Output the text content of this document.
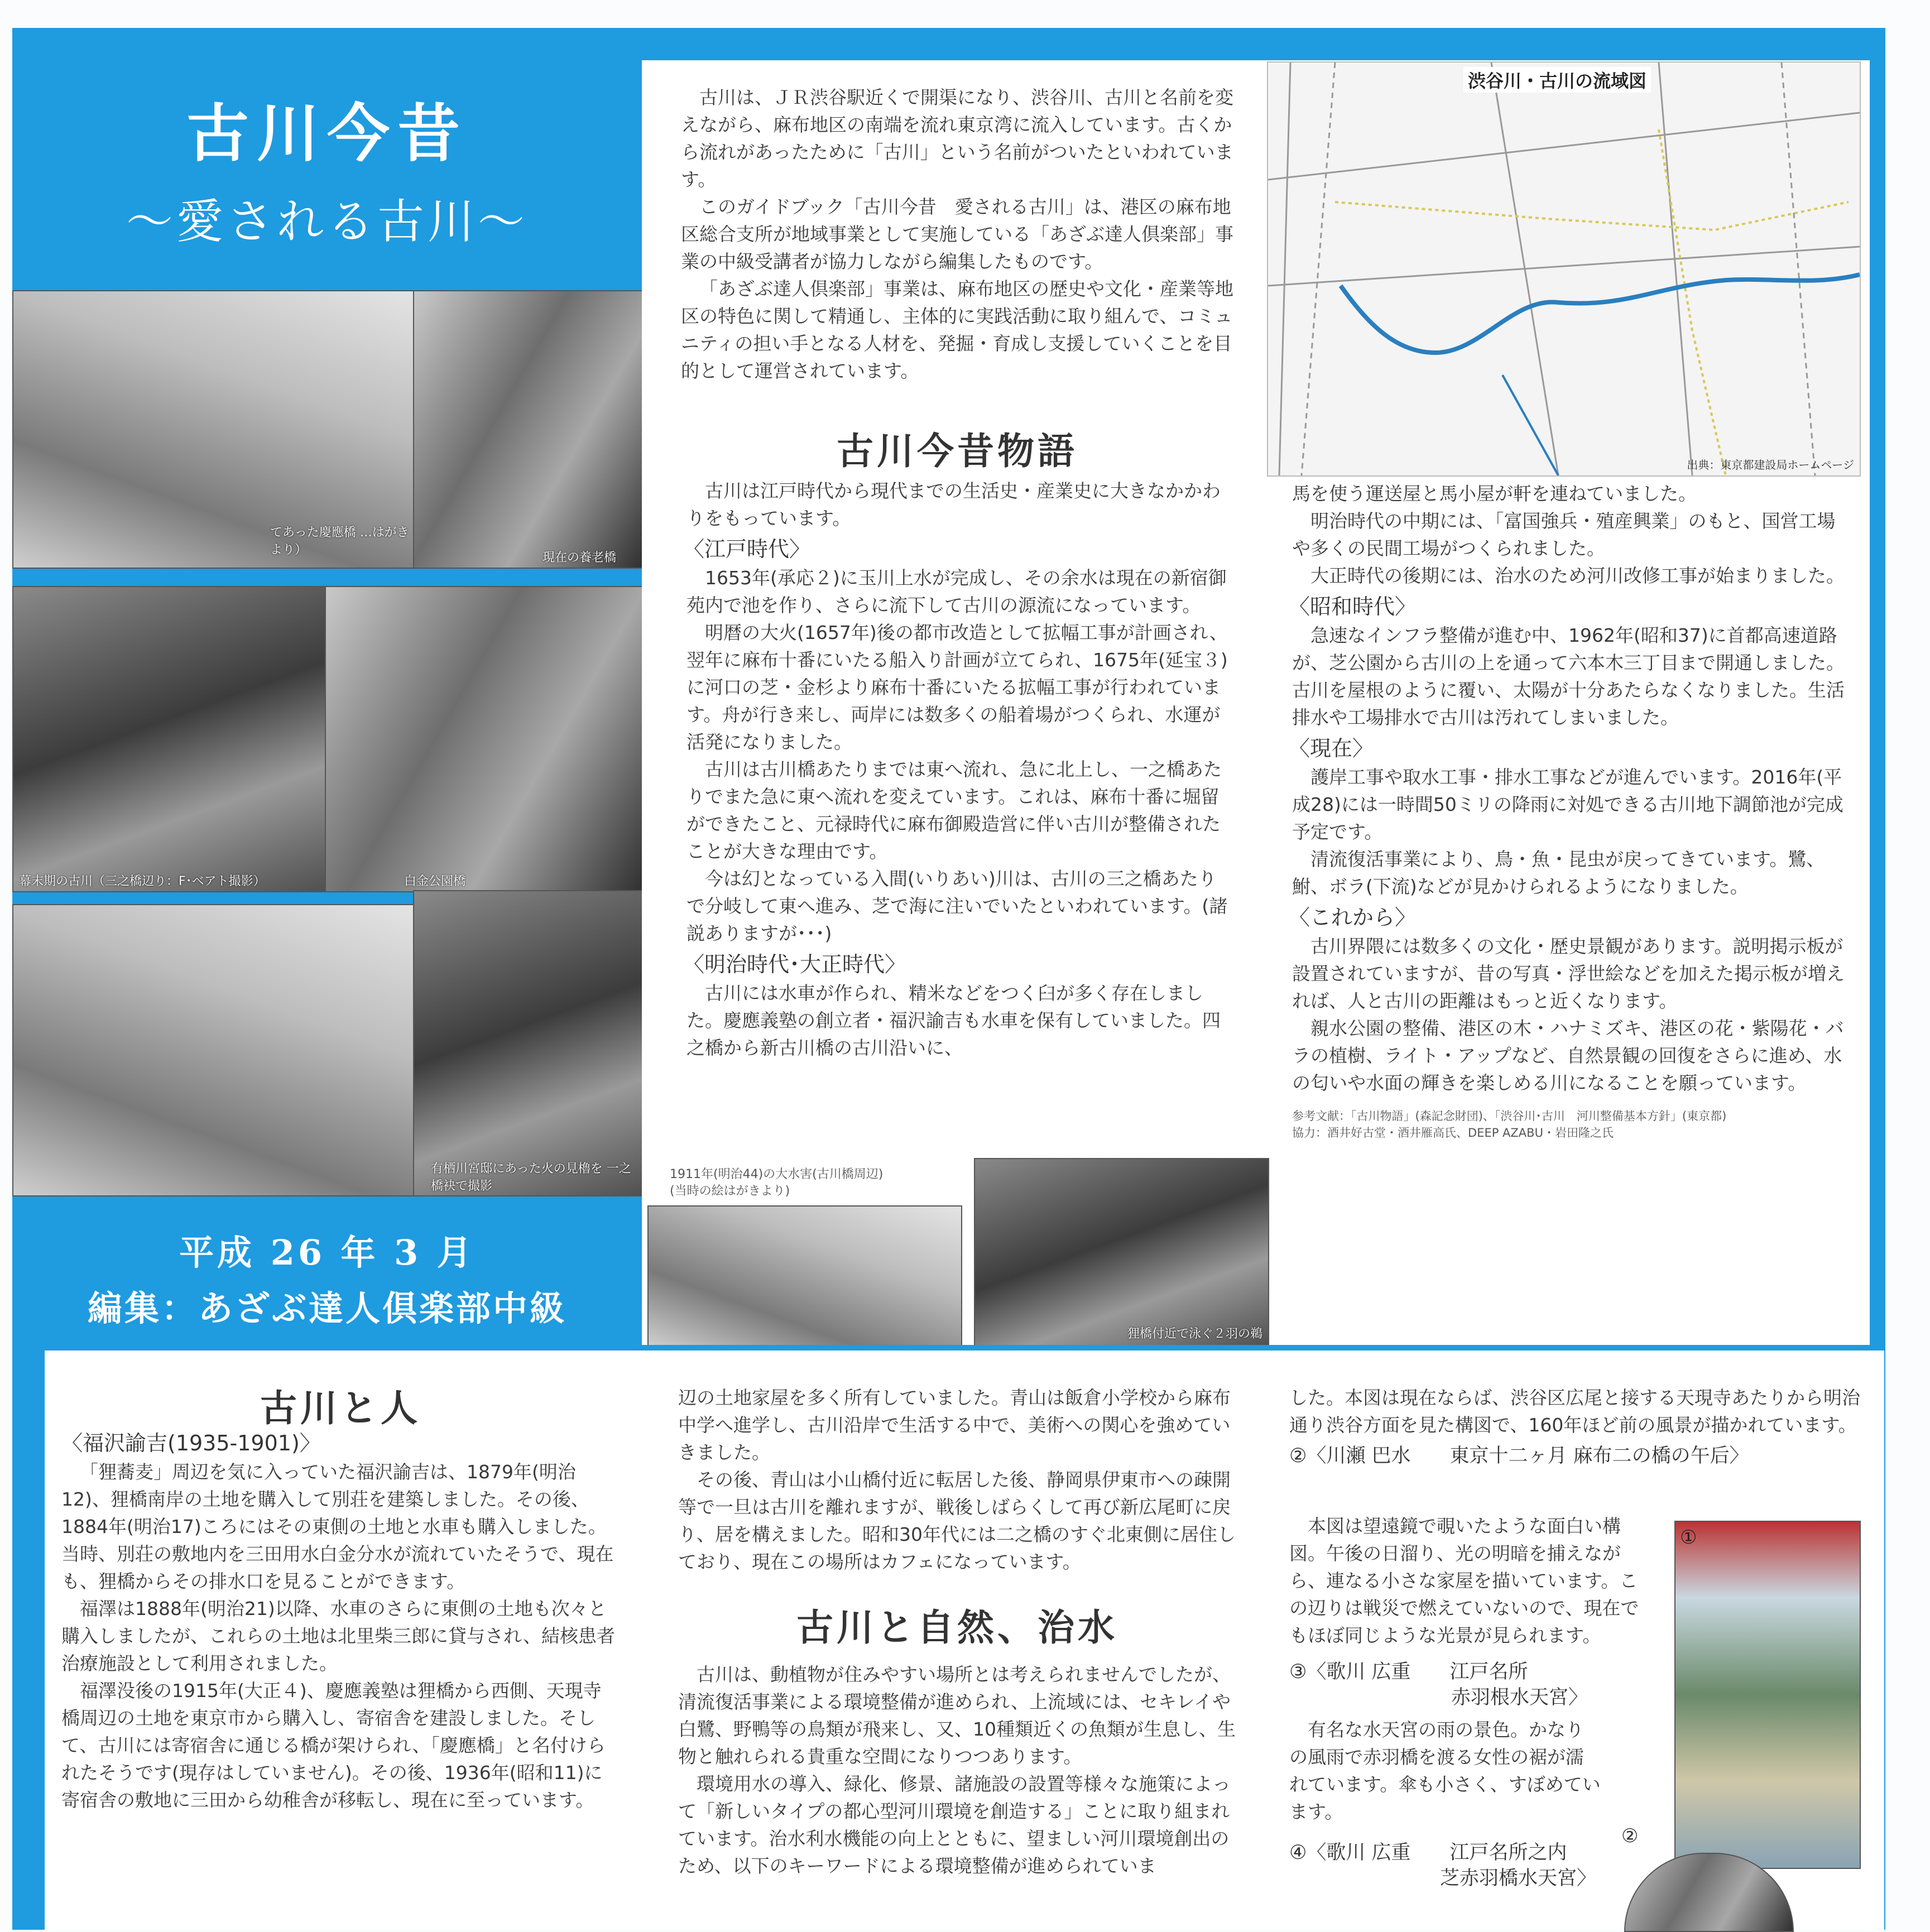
古川今昔
〜愛される古川〜
てあった慶應橋 …はがきより）
現在の養老橋
幕末期の古川（三之橋辺り：F･ベアト撮影）	白金公園橋
有栖川宮邸にあった火の見櫓を 一之橋袂で撮影
平成 26 年 3 月
編集：あざぶ達人倶楽部中級

古川は、ＪＲ渋谷駅近くで開渠になり、渋谷川、古川と名前を変えながら、麻布地区の南端を流れ東京湾に流入しています。古くから流れがあったために「古川」という名前がついたといわれています。

このガイドブック「古川今昔　愛される古川」は、港区の麻布地区総合支所が地域事業として実施している「あざぶ達人倶楽部」事業の中級受講者が協力しながら編集したものです。

「あざぶ達人倶楽部」事業は、麻布地区の歴史や文化・産業等地区の特色に関して精通し、主体的に実践活動に取り組んで、コミュニティの担い手となる人材を、発掘・育成し支援していくことを目的として運営されています。

渋谷川・古川の流域図
出典：東京都建設局ホームページ
古川今昔物語

古川は江戸時代から現代までの生活史・産業史に大きなかかわりをもっています。

〈江戸時代〉

1653年(承応２)に玉川上水が完成し、その余水は現在の新宿御苑内で池を作り、さらに流下して古川の源流になっています。

明暦の大火(1657年)後の都市改造として拡幅工事が計画され、翌年に麻布十番にいたる船入り計画が立てられ、1675年(延宝３)に河口の芝・金杉より麻布十番にいたる拡幅工事が行われています。舟が行き来し、両岸には数多くの船着場がつくられ、水運が活発になりました。

古川は古川橋あたりまでは東へ流れ、急に北上し、一之橋あたりでまた急に東へ流れを変えています。これは、麻布十番に堀留ができたこと、元禄時代に麻布御殿造営に伴い古川が整備されたことが大きな理由です。

今は幻となっている入間(いりあい)川は、古川の三之橋あたりで分岐して東へ進み、芝で海に注いでいたといわれています。(諸説ありますが･･･)

〈明治時代･大正時代〉

古川には水車が作られ、精米などをつく臼が多く存在しました。慶應義塾の創立者・福沢諭吉も水車を保有していました。四之橋から新古川橋の古川沿いに、

1911年(明治44)の大水害(古川橋周辺)
(当時の絵はがきより)
狸橋付近で泳ぐ２羽の鵜

馬を使う運送屋と馬小屋が軒を連ねていました。

明治時代の中期には、「富国強兵・殖産興業」のもと、国営工場や多くの民間工場がつくられました。

大正時代の後期には、治水のため河川改修工事が始まりました。

〈昭和時代〉

急速なインフラ整備が進む中、1962年(昭和37)に首都高速道路が、芝公園から古川の上を通って六本木三丁目まで開通しました。古川を屋根のように覆い、太陽が十分あたらなくなりました。生活排水や工場排水で古川は汚れてしまいました。

〈現在〉

護岸工事や取水工事・排水工事などが進んでいます。2016年(平成28)には一時間50ミリの降雨に対処できる古川地下調節池が完成予定です。

清流復活事業により、鳥・魚・昆虫が戻ってきています。鷺、鮒、ボラ(下流)などが見かけられるようになりました。

〈これから〉

古川界隈には数多くの文化・歴史景観があります。説明掲示板が設置されていますが、昔の写真・浮世絵などを加えた掲示板が増えれば、人と古川の距離はもっと近くなります。

親水公園の整備、港区の木・ハナミズキ、港区の花・紫陽花・バラの植樹、ライト・アップなど、自然景観の回復をさらに進め、水の匂いや水面の輝きを楽しめる川になることを願っています。

参考文献：「古川物語」(森記念財団)、「渋谷川･古川　河川整備基本方針」(東京都)
協力：酒井好古堂・酒井雁高氏、DEEP AZABU・岩田隆之氏
古川と人
〈福沢諭吉(1935-1901)〉

「狸蕎麦」周辺を気に入っていた福沢諭吉は、1879年(明治12)、狸橋南岸の土地を購入して別荘を建築しました。その後、1884年(明治17)ころにはその東側の土地と水車も購入しました。当時、別荘の敷地内を三田用水白金分水が流れていたそうで、現在も、狸橋からその排水口を見ることができます。

福澤は1888年(明治21)以降、水車のさらに東側の土地も次々と購入しましたが、これらの土地は北里柴三郎に貸与され、結核患者治療施設として利用されました。

福澤没後の1915年(大正４)、慶應義塾は狸橋から西側、天現寺橋周辺の土地を東京市から購入し、寄宿舎を建設しました。そして、古川には寄宿舎に通じる橋が架けられ、「慶應橋」と名付けられたそうです(現存はしていません)。その後、1936年(昭和11)に寄宿舎の敷地に三田から幼稚舎が移転し、現在に至っています。

辺の土地家屋を多く所有していました。青山は飯倉小学校から麻布中学へ進学し、古川沿岸で生活する中で、美術への関心を強めていきました。

その後、青山は小山橋付近に転居した後、静岡県伊東市への疎開等で一旦は古川を離れますが、戦後しばらくして再び新広尾町に戻り、居を構えました。昭和30年代には二之橋のすぐ北東側に居住しており、現在この場所はカフェになっています。

古川と自然、治水

古川は、動植物が住みやすい場所とは考えられませんでしたが、清流復活事業による環境整備が進められ、上流域には、セキレイや白鷺、野鴨等の鳥類が飛来し、又、10種類近くの魚類が生息し、生物と触れられる貴重な空間になりつつあります。

環境用水の導入、緑化、修景、諸施設の設置等様々な施策によって「新しいタイプの都心型河川環境を創造する」ことに取り組まれています。治水利水機能の向上とともに、望ましい河川環境創出のため、以下のキーワードによる環境整備が進められていま

した。本図は現在ならば、渋谷区広尾と接する天現寺あたりから明治通り渋谷方面を見た構図で、160年ほど前の風景が描かれています。

②〈川瀬 巴水　　東京十二ヶ月 麻布二の橋の午后〉

本図は望遠鏡で覗いたような面白い構図。午後の日溜り、光の明暗を捕えながら、連なる小さな家屋を描いています。この辺りは戦災で燃えていないので、現在でもほぼ同じような光景が見られます。

③〈歌川 広重　　江戸名所
赤羽根水天宮〉

有名な水天宮の雨の景色。かなりの風雨で赤羽橋を渡る女性の裾が濡れています。傘も小さく、すぼめています。

④〈歌川 広重　　江戸名所之内
芝赤羽橋水天宮〉
①
②
